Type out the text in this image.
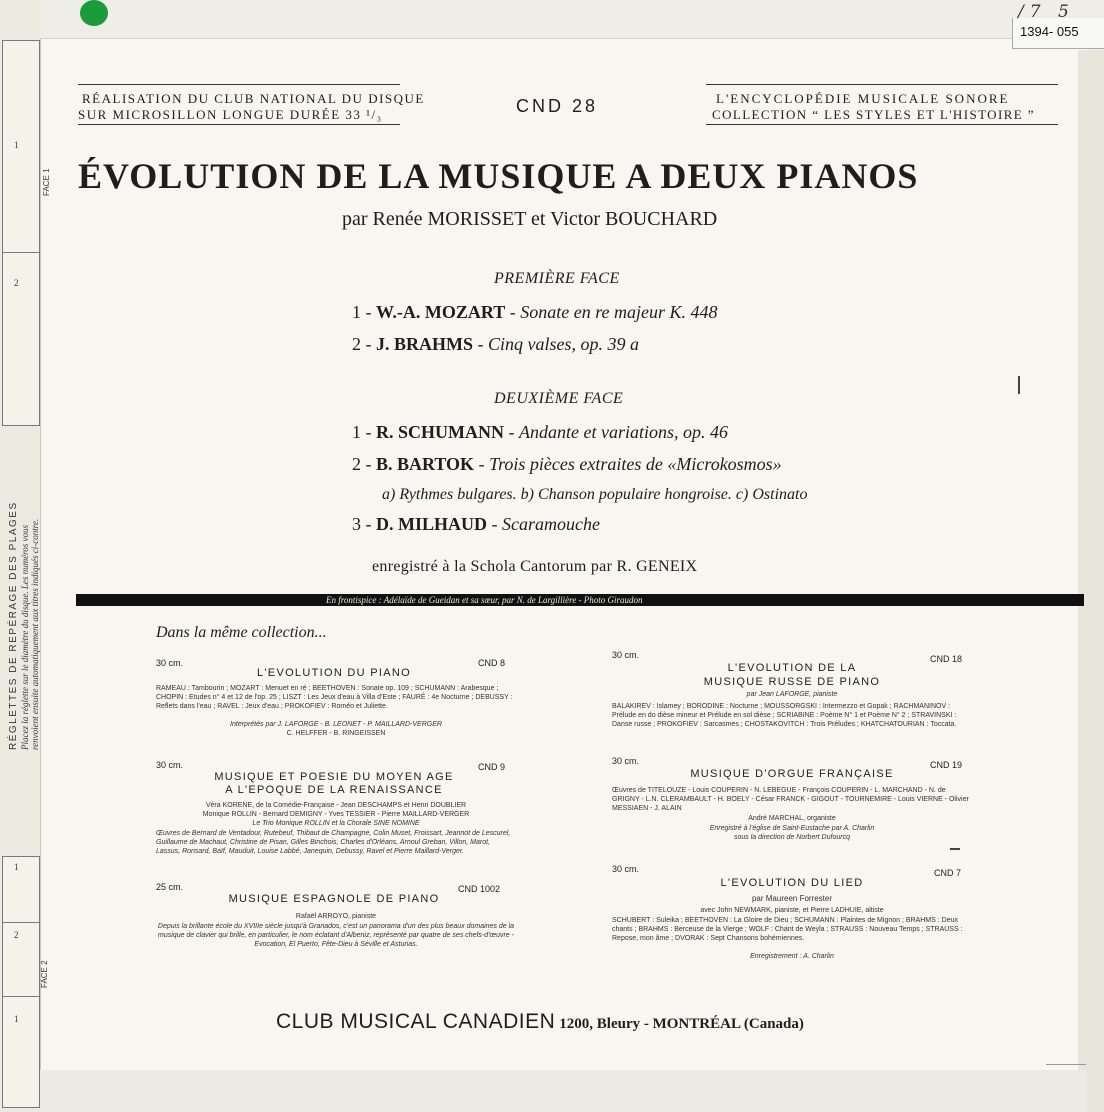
1
2
1
2
1
FACE 1
FACE 2
RÉGLETTES DE REPÉRAGE DES PLAGES Placez la réglette sur le diamètre du disque. Les numéros vous renvoient ensuite automatiquement aux titres indiqués ci-contre.
1394- 055
/7 5
RÉALISATION DU CLUB NATIONAL DU DISQUE
SUR MICROSILLON LONGUE DURÉE 33 ¹/₃	CND 28	L'ENCYCLOPÉDIE MUSICALE SONORE
COLLECTION “ LES STYLES ET L'HISTOIRE ”
ÉVOLUTION DE LA MUSIQUE A DEUX PIANOS
par Renée MORISSET et Victor BOUCHARD
PREMIÈRE FACE
1 - W.-A. MOZART - Sonate en re majeur K. 448
2 - J. BRAHMS - Cinq valses, op. 39 a
DEUXIÈME FACE
1 - R. SCHUMANN - Andante et variations, op. 46
2 - B. BARTOK - Trois pièces extraites de «Microkosmos»
a) Rythmes bulgares. b) Chanson populaire hongroise. c) Ostinato
3 - D. MILHAUD - Scaramouche
enregistré à la Schola Cantorum par R. GENEIX
En frontispice : Adélaïde de Gueidan et sa sœur, par N. de Largillière - Photo Giraudon
Dans la même collection...
30 cm.	CND 8
L'EVOLUTION DU PIANO
RAMEAU : Tambourin ; MOZART : Menuet en ré ; BEETHOVEN : Sonate op. 109 ; SCHUMANN : Arabesque ; CHOPIN : Etudes n° 4 et 12 de l'op. 25 ; LISZT : Les Jeux d'eau à Villa d'Este ; FAURÉ : 4e Nocturne ; DEBUSSY : Reflets dans l'eau ; RAVEL : Jeux d'eau ; PROKOFIEV : Roméo et Juliette.
Interprétés par J. LAFORGE - B. LEONET - P. MAILLARD-VERGER
C. HELFFER - B. RINGEISSEN
30 cm.	CND 9
MUSIQUE ET POESIE DU MOYEN AGE
A L'EPOQUE DE LA RENAISSANCE
Véra KORENE, de la Comédie-Française - Jean DESCHAMPS et Henri DOUBLIER
Monique ROLLIN - Bernard DEMIGNY - Yves TESSIER - Pierre MAILLARD-VERGER
Le Trio Monique ROLLIN et la Chorale SINE NOMINE
Œuvres de Bernard de Ventadour, Rutebeuf, Thibaut de Champagne, Colin Muset, Froissart, Jeannot de Lescurel, Guillaume de Machaut, Christine de Pisan, Gilles Binchois, Charles d'Orléans, Arnoul Greban, Villon, Marot, Lassus, Ronsard, Baïf, Mauduit, Louise Labbé, Janequin, Debussy, Ravel et Pierre Maillard-Verger.
25 cm.	CND 1002
MUSIQUE ESPAGNOLE DE PIANO
Rafaël ARROYO, pianiste
Depuis la brillante école du XVIIIe siècle jusqu'à Granados, c'est un panorama d'un des plus beaux domaines de la musique de clavier qui brille, en particulier, le nom éclatant d'Albeniz, représenté par quatre de ses chefs-d'œuvre - Evocation, El Puerto, Fête-Dieu à Séville et Asturias.
30 cm.	CND 18
L'EVOLUTION DE LA
MUSIQUE RUSSE DE PIANO
par Jean LAFORGE, pianiste
BALAKIREV : Islamey ; BORODINE : Nocturne ; MOUSSORGSKI : Intermezzo et Gopak ; RACHMANINOV : Prélude en do dièse mineur et Prélude en sol dièse ; SCRIABINE : Poème N° 1 et Poème N° 2 ; STRAVINSKI : Danse russe ; PROKOFIEV : Sarcasmes ; CHOSTAKOVITCH : Trois Préludes ; KHATCHATOURIAN : Toccata.
30 cm.	CND 19
MUSIQUE D'ORGUE FRANÇAISE
Œuvres de TITELOUZE - Louis COUPERIN - N. LEBEGUE - François COUPERIN - L. MARCHAND - N. de GRIGNY - L.N. CLERAMBAULT - H. BOELY - César FRANCK - GIGOUT - TOURNEMIRE - Louis VIERNE - Olivier MESSIAEN - J. ALAIN
André MARCHAL, organiste
Enregistré à l'église de Saint-Eustache par A. Charlin
sous la direction de Norbert Dufourcq
30 cm.	CND 7
L'EVOLUTION DU LIED
par Maureen Forrester
avec John NEWMARK, pianiste, et Pierre LADHUIE, altiste
SCHUBERT : Suleika ; BEETHOVEN : La Gloire de Dieu ; SCHUMANN : Plaintes de Mignon ; BRAHMS : Deux chants ; BRAHMS : Berceuse de la Vierge ; WOLF : Chant de Weyla ; STRAUSS : Nouveau Temps ; STRAUSS : Repose, mon âme ; DVORAK : Sept Chansons bohémiennes.
Enregistrement : A. Charlin
CLUB MUSICAL CANADIEN 1200, Bleury - MONTRÉAL (Canada)
